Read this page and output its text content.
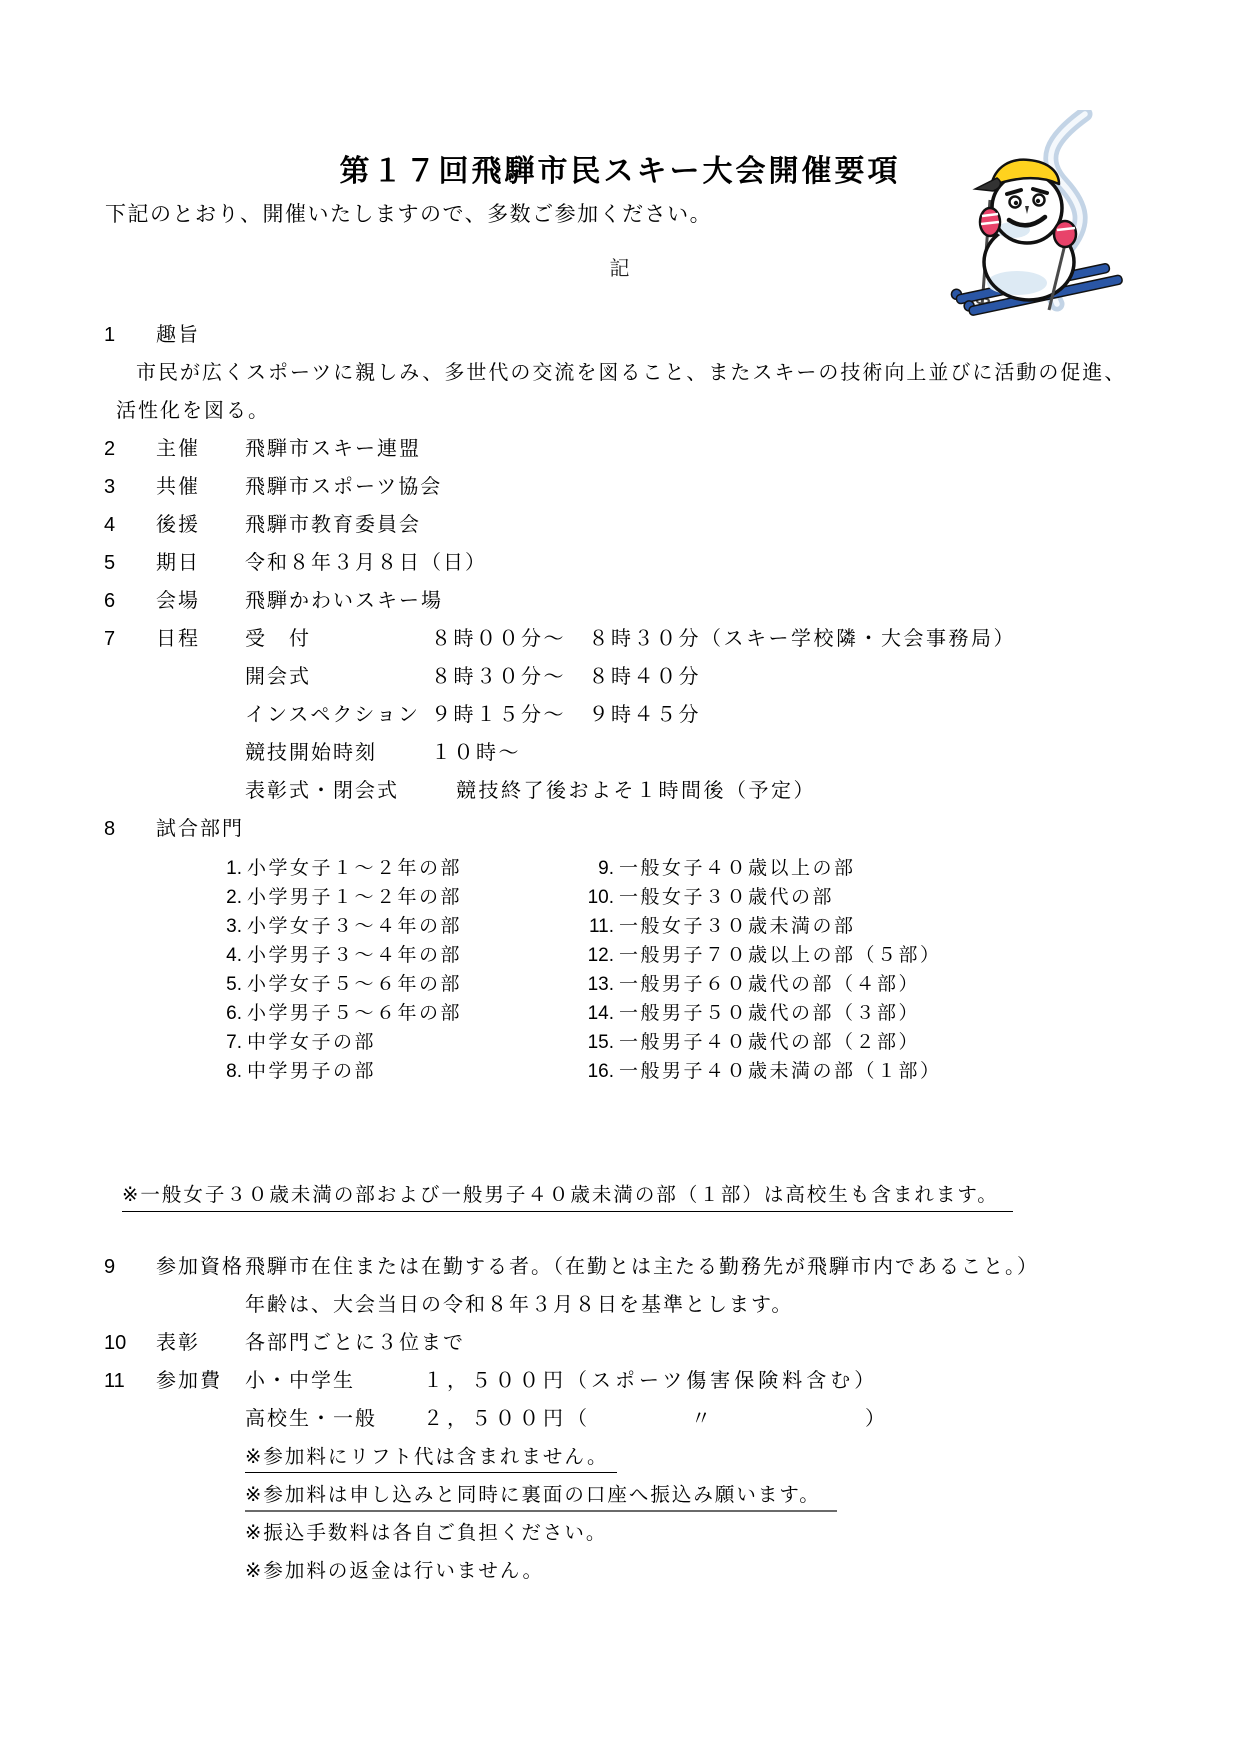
第１７回飛騨市民スキー大会開催要項
下記のとおり、開催いたしますので、多数ご参加ください。
記
1	趣旨
市民が広くスポーツに親しみ、多世代の交流を図ること、またスキーの技術向上並びに活動の促進、
活性化を図る。
2	主催	飛騨市スキー連盟
3	共催	飛騨市スポーツ協会
4	後援	飛騨市教育委員会
5	期日	令和８年３月８日（日）
6	会場	飛騨かわいスキー場
7	日程	受　付	８時００分～　８時３０分（スキー学校隣・大会事務局）
開会式	８時３０分～　８時４０分
インスペクション ９時１５分～　９時４５分
競技開始時刻	１０時～
表彰式・閉会式	競技終了後およそ１時間後（予定）
8	試合部門
1. 小学女子１～２年の部
2. 小学男子１～２年の部
3. 小学女子３～４年の部
4. 小学男子３～４年の部
5. 小学女子５～６年の部
6. 小学男子５～６年の部
7. 中学女子の部
8. 中学男子の部
9. 一般女子４０歳以上の部
10. 一般女子３０歳代の部
11. 一般女子３０歳未満の部
12. 一般男子７０歳以上の部（５部）
13. 一般男子６０歳代の部（４部）
14. 一般男子５０歳代の部（３部）
15. 一般男子４０歳代の部（２部）
16. 一般男子４０歳未満の部（１部）
※一般女子３０歳未満の部および一般男子４０歳未満の部（１部）は高校生も含まれます。
9	参加資格 飛騨市在住または在勤する者。（在勤とは主たる勤務先が飛騨市内であること。）
年齢は、大会当日の令和８年３月８日を基準とします。
10	表彰	各部門ごとに３位まで
11	参加費	小・中学生	１，５００円（スポーツ傷害保険料含む）
高校生・一般 ２，５００円（	〃	）
※参加料にリフト代は含まれません。
※参加料は申し込みと同時に裏面の口座へ振込み願います。
※振込手数料は各自ご負担ください。
※参加料の返金は行いません。
